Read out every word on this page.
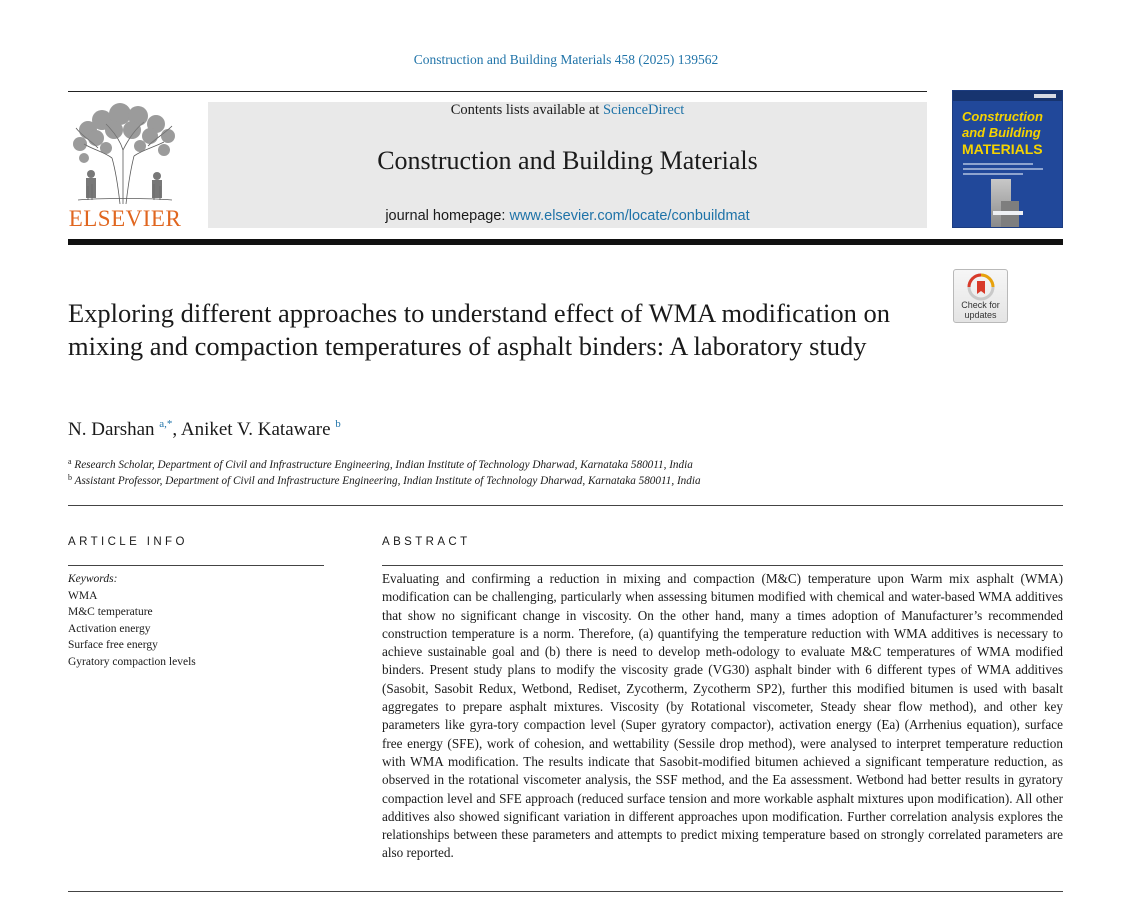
Construction and Building Materials 458 (2025) 139562
ELSEVIER
Contents lists available at ScienceDirect
Construction and Building Materials
journal homepage: www.elsevier.com/locate/conbuildmat
Construction
and Building
MATERIALS
Check for
updates
Exploring different approaches to understand effect of WMA modification on mixing and compaction temperatures of asphalt binders: A laboratory study
N. Darshan $^{a,*}$, Aniket V. Kataware $^b$
$^a$ Research Scholar, Department of Civil and Infrastructure Engineering, Indian Institute of Technology Dharwad, Karnataka 580011, India
$^b$ Assistant Professor, Department of Civil and Infrastructure Engineering, Indian Institute of Technology Dharwad, Karnataka 580011, India
ARTICLE INFO
Keywords:
WMA
M&C temperature
Activation energy
Surface free energy
Gyratory compaction levels
ABSTRACT
Evaluating and confirming a reduction in mixing and compaction (M&C) temperature upon Warm mix asphalt (WMA) modification can be challenging, particularly when assessing bitumen modified with chemical and water-based WMA additives that show no significant change in viscosity. On the other hand, many a times adoption of Manufacturer’s recommended construction temperature is a norm. Therefore, (a) quantifying the temperature reduction with WMA additives is necessary to achieve sustainable goal and (b) there is need to develop meth-odology to evaluate M&C temperatures of WMA modified binders. Present study plans to modify the viscosity grade (VG30) asphalt binder with 6 different types of WMA additives (Sasobit, Sasobit Redux, Wetbond, Rediset, Zycotherm, Zycotherm SP2), further this modified bitumen is used with basalt aggregates to prepare asphalt mixtures. Viscosity (by Rotational viscometer, Steady shear flow method), and other key parameters like gyra-tory compaction level (Super gyratory compactor), activation energy (Ea) (Arrhenius equation), surface free energy (SFE), work of cohesion, and wettability (Sessile drop method), were analysed to interpret temperature reduction with WMA modification. The results indicate that Sasobit-modified bitumen achieved a significant temperature reduction, as observed in the rotational viscometer analysis, the SSF method, and the Ea assessment. Wetbond had better results in gyratory compaction level and SFE approach (reduced surface tension and more workable asphalt mixtures upon modification). All other additives also showed significant variation in different approaches upon modification. Further correlation analysis explores the relationships between these parameters and attempts to predict mixing temperature based on strongly correlated parameters are also reported.
